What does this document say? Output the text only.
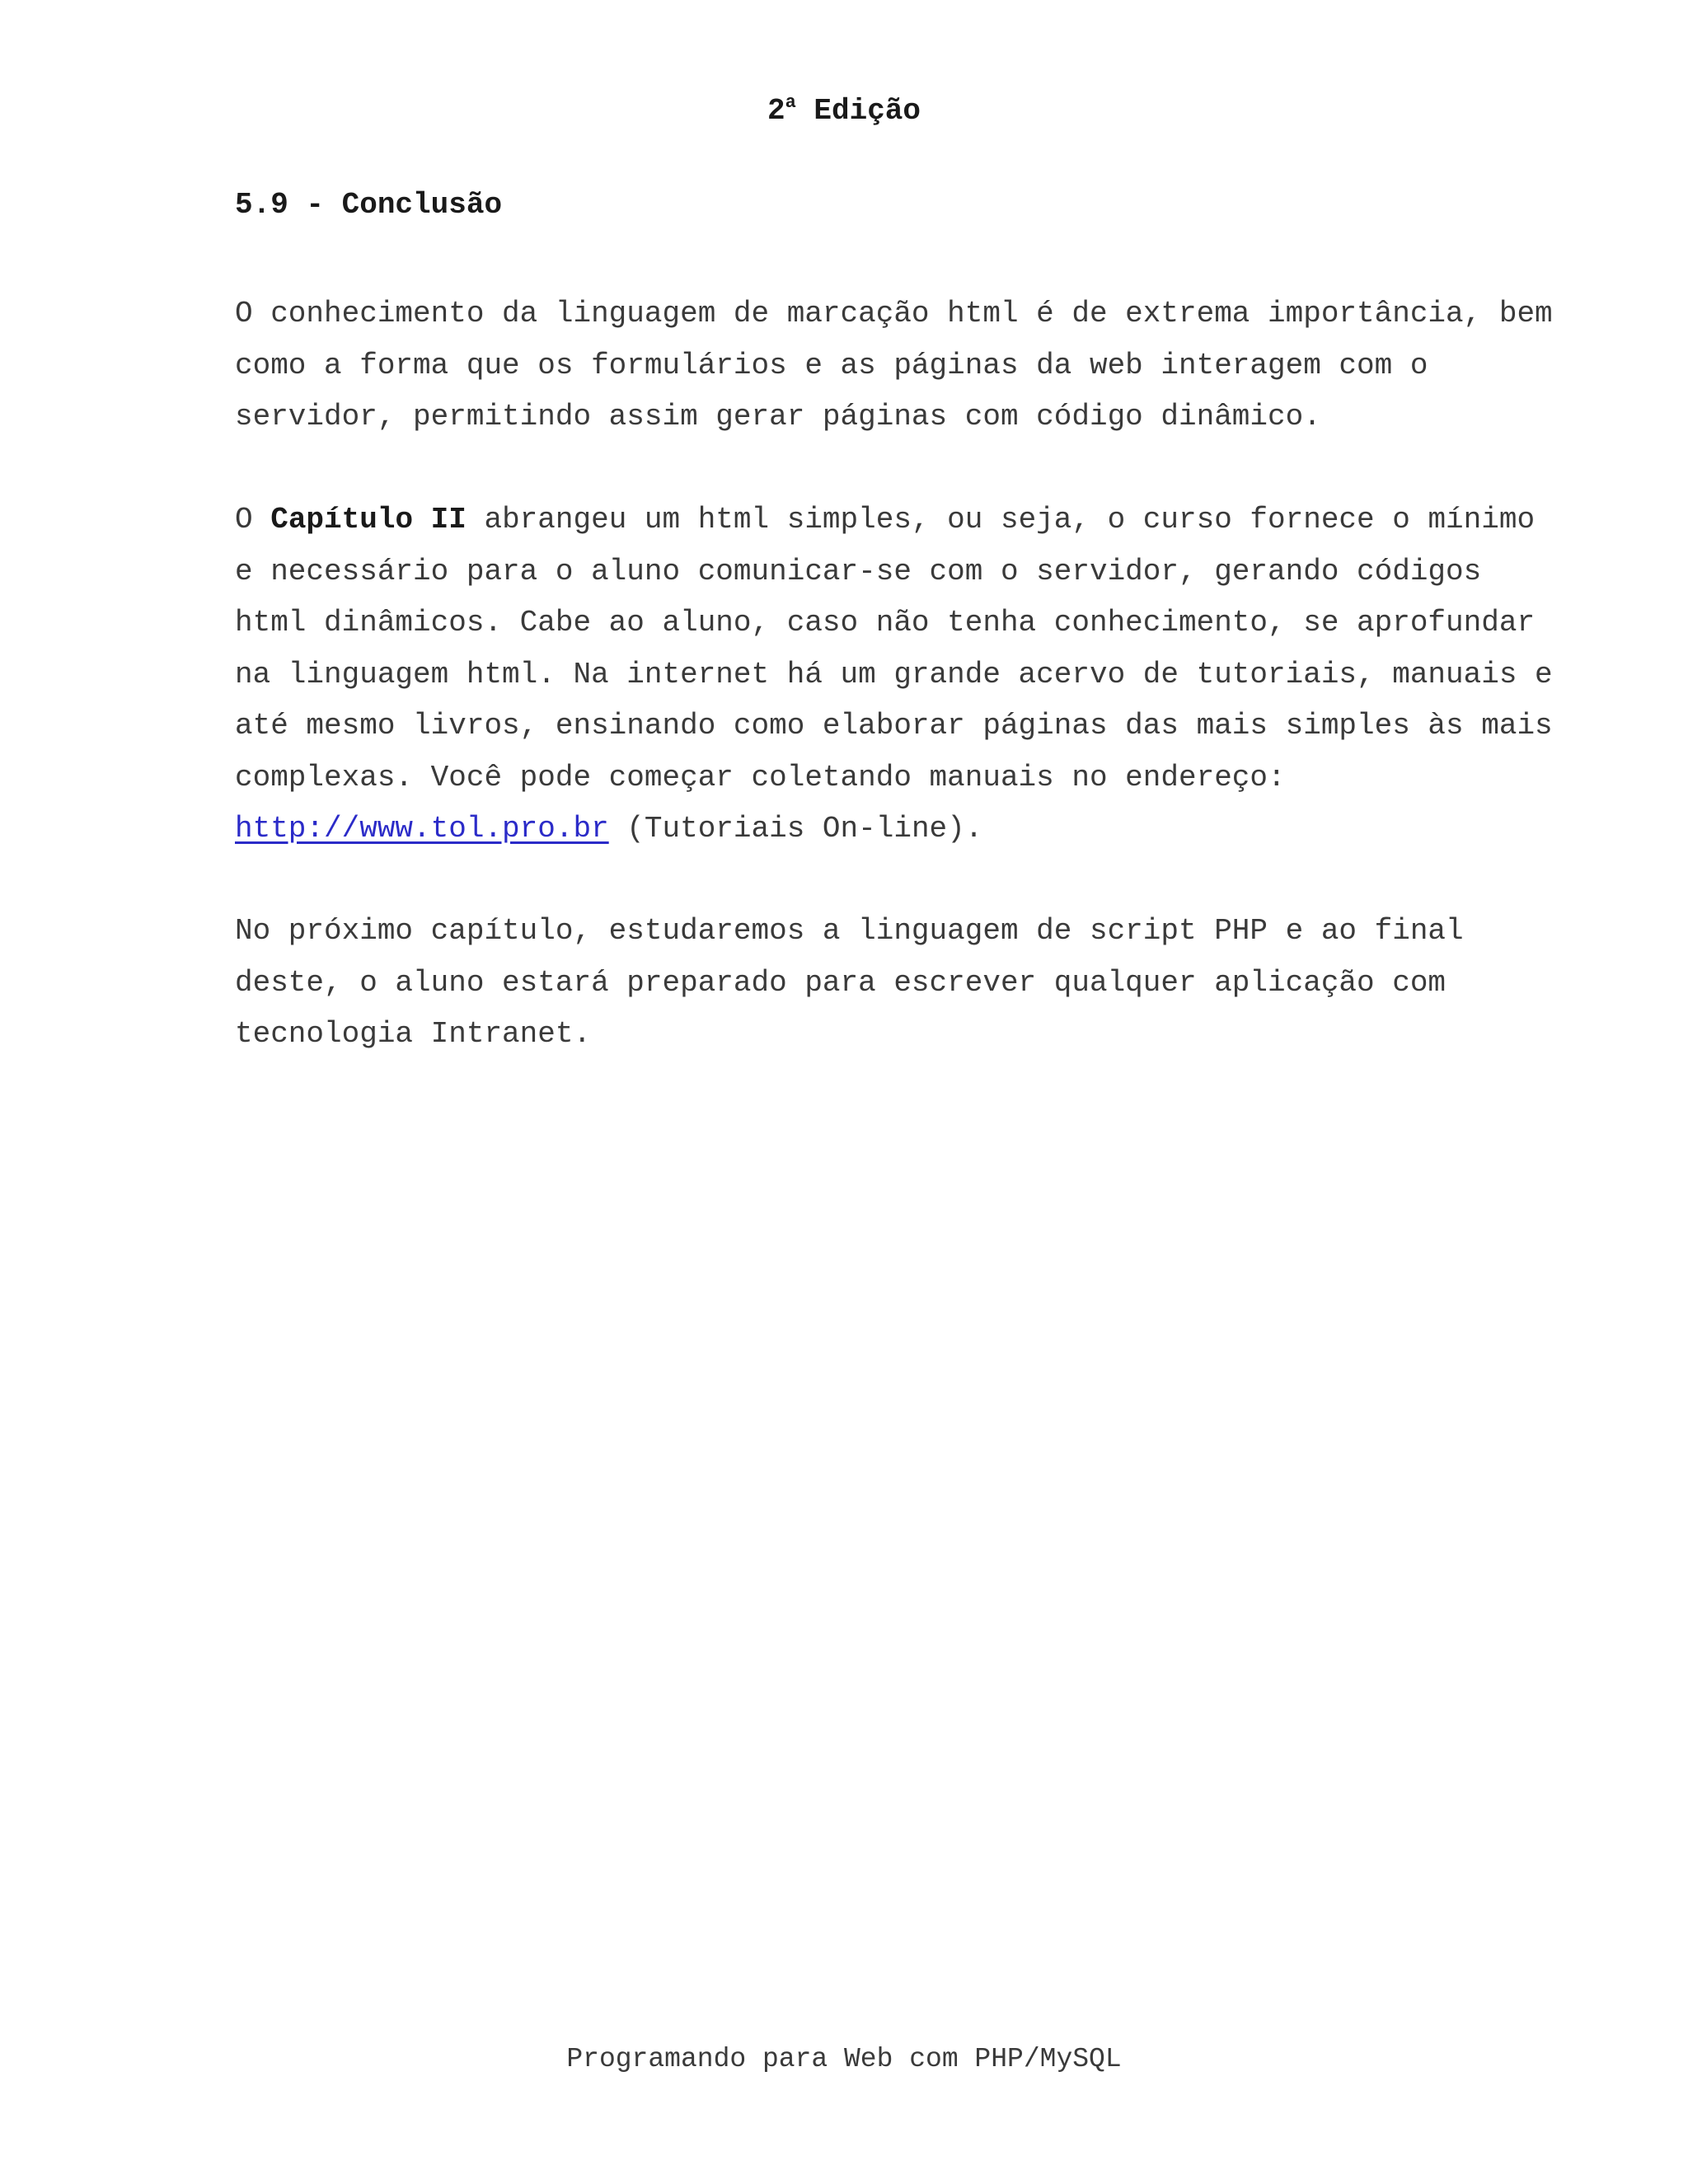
2$^a$ Edição
5.9 - Conclusão

O conhecimento da linguagem de marcação html é de extrema importância, bem
como a forma que os formulários e as páginas da web interagem com o
servidor, permitindo assim gerar páginas com código dinâmico.

O Capítulo II abrangeu um html simples, ou seja, o curso fornece o mínimo
e necessário para o aluno comunicar-se com o servidor, gerando códigos
html dinâmicos. Cabe ao aluno, caso não tenha conhecimento, se aprofundar
na linguagem html. Na internet há um grande acervo de tutoriais, manuais e
até mesmo livros, ensinando como elaborar páginas das mais simples às mais
complexas. Você pode começar coletando manuais no endereço:
http://www.tol.pro.br (Tutoriais On-line).

No próximo capítulo, estudaremos a linguagem de script PHP e ao final
deste, o aluno estará preparado para escrever qualquer aplicação com
tecnologia Intranet.

Programando para Web com PHP/MySQL
